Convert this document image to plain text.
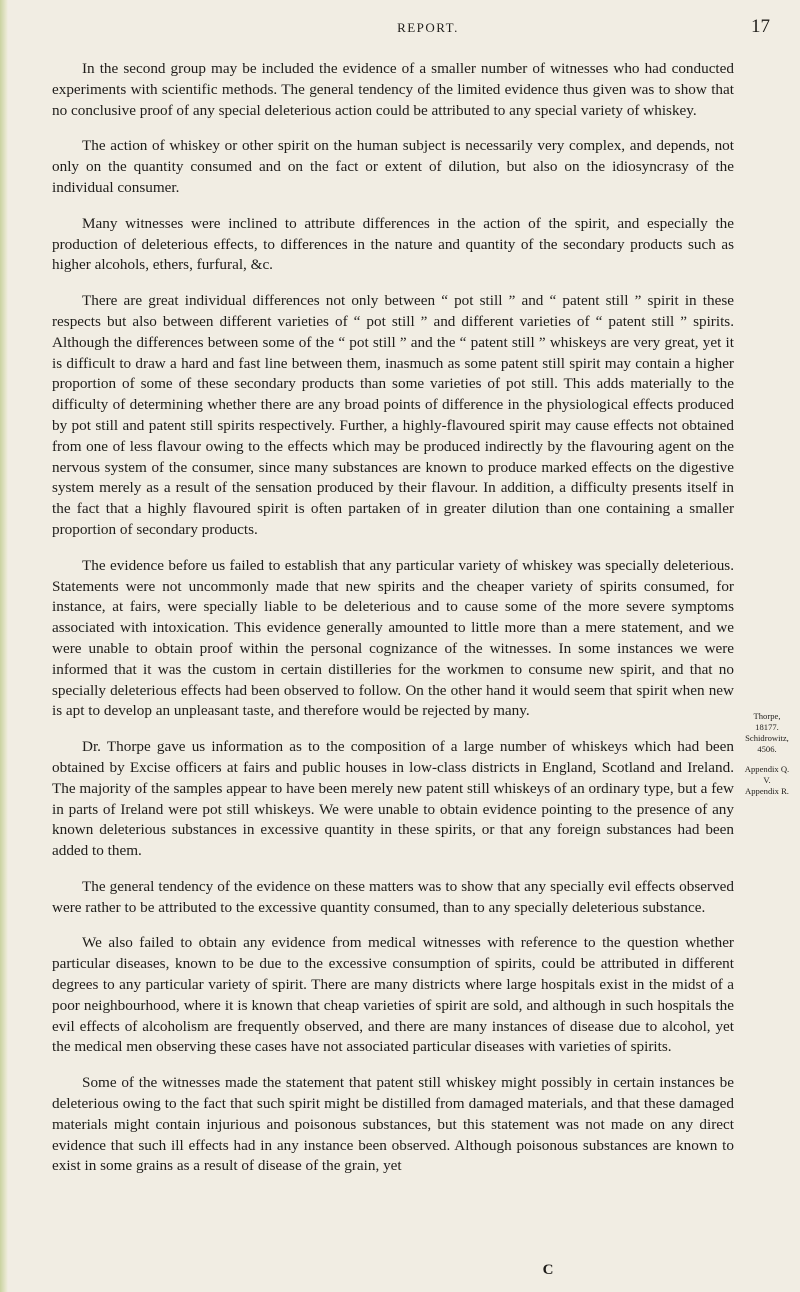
REPORT.	17

In the second group may be included the evidence of a smaller number of witnesses who had conducted experiments with scientific methods. The general tendency of the limited evidence thus given was to show that no conclusive proof of any special deleterious action could be attributed to any special variety of whiskey.

The action of whiskey or other spirit on the human subject is necessarily very complex, and depends, not only on the quantity consumed and on the fact or extent of dilution, but also on the idiosyncrasy of the individual consumer.

Many witnesses were inclined to attribute differences in the action of the spirit, and especially the production of deleterious effects, to differences in the nature and quantity of the secondary products such as higher alcohols, ethers, furfural, &c.

There are great individual differences not only between “ pot still ” and “ patent still ” spirit in these respects but also between different varieties of “ pot still ” and different varieties of “ patent still ” spirits. Although the differences between some of the “ pot still ” and the “ patent still ” whiskeys are very great, yet it is difficult to draw a hard and fast line between them, inasmuch as some patent still spirit may contain a higher proportion of some of these secondary products than some varieties of pot still. This adds materially to the difficulty of determining whether there are any broad points of difference in the physiological effects produced by pot still and patent still spirits respectively. Further, a highly-flavoured spirit may cause effects not obtained from one of less flavour owing to the effects which may be produced indirectly by the flavouring agent on the nervous system of the consumer, since many substances are known to produce marked effects on the digestive system merely as a result of the sensation produced by their flavour. In addition, a difficulty presents itself in the fact that a highly flavoured spirit is often partaken of in greater dilution than one containing a smaller proportion of secondary products.

The evidence before us failed to establish that any particular variety of whiskey was specially deleterious. Statements were not uncommonly made that new spirits and the cheaper variety of spirits consumed, for instance, at fairs, were specially liable to be deleterious and to cause some of the more severe symptoms associated with intoxication. This evidence generally amounted to little more than a mere statement, and we were unable to obtain proof within the personal cognizance of the witnesses. In some instances we were informed that it was the custom in certain distilleries for the workmen to consume new spirit, and that no specially deleterious effects had been observed to follow. On the other hand it would seem that spirit when new is apt to develop an unpleasant taste, and therefore would be rejected by many.

Dr. Thorpe gave us information as to the composition of a large number of whiskeys which had been obtained by Excise officers at fairs and public houses in low-class districts in England, Scotland and Ireland. The majority of the samples appear to have been merely new patent still whiskeys of an ordinary type, but a few in parts of Ireland were pot still whiskeys. We were unable to obtain evidence pointing to the presence of any known deleterious substances in excessive quantity in these spirits, or that any foreign substances had been added to them.

The general tendency of the evidence on these matters was to show that any specially evil effects observed were rather to be attributed to the excessive quantity consumed, than to any specially deleterious substance.

We also failed to obtain any evidence from medical witnesses with reference to the question whether particular diseases, known to be due to the excessive consumption of spirits, could be attributed in different degrees to any particular variety of spirit. There are many districts where large hospitals exist in the midst of a poor neighbourhood, where it is known that cheap varieties of spirit are sold, and although in such hospitals the evil effects of alcoholism are frequently observed, and there are many instances of disease due to alcohol, yet the medical men observing these cases have not associated particular diseases with varieties of spirits.

Some of the witnesses made the statement that patent still whiskey might possibly in certain instances be deleterious owing to the fact that such spirit might be distilled from damaged materials, and that these damaged materials might contain injurious and poisonous substances, but this statement was not made on any direct evidence that such ill effects had in any instance been observed. Although poisonous substances are known to exist in some grains as a result of disease of the grain, yet

Thorpe,
18177.
Schidrowitz,
4506.
Appendix Q.
V.
Appendix R.
C
